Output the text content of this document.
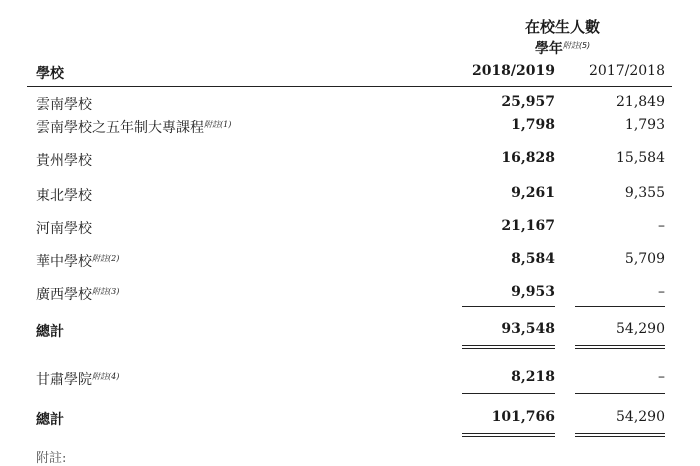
在校生人數
學年$^{附註(5)}$
學校	2018/2019	2017/2018
雲南學校	25,957	21,849
雲南學校之五年制大專課程$^{附註(1)}$	1,798	1,793
貴州學校	16,828	15,584
東北學校	9,261	9,355
河南學校	21,167	–
華中學校$^{附註(2)}$	8,584	5,709
廣西學校$^{附註(3)}$	9,953	–
總計	93,548	54,290
甘肅學院$^{附註(4)}$	8,218	–
總計	101,766	54,290
附註:
